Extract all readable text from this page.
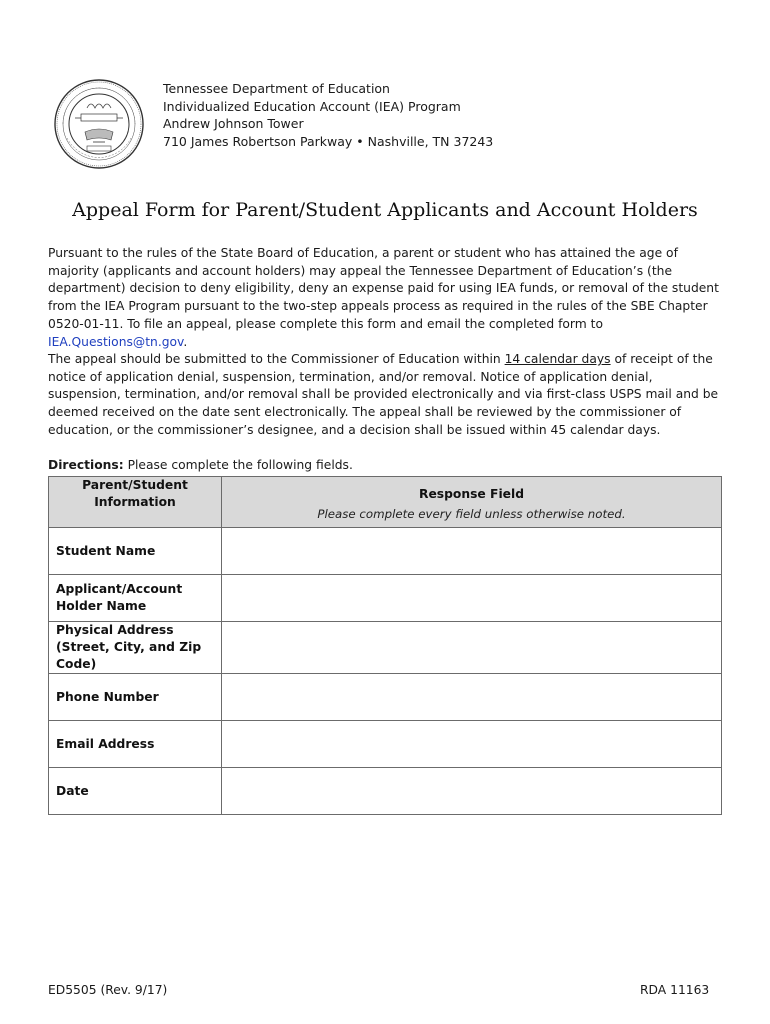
Tennessee Department of Education
Individualized Education Account (IEA) Program
Andrew Johnson Tower
710 James Robertson Parkway • Nashville, TN 37243
Appeal Form for Parent/Student Applicants and Account Holders
Pursuant to the rules of the State Board of Education, a parent or student who has attained the age of majority (applicants and account holders) may appeal the Tennessee Department of Education’s (the department) decision to deny eligibility, deny an expense paid for using IEA funds, or removal of the student from the IEA Program pursuant to the two-step appeals process as required in the rules of the SBE Chapter 0520-01-11. To file an appeal, please complete this form and email the completed form to IEA.Questions@tn.gov.
The appeal should be submitted to the Commissioner of Education within 14 calendar days of receipt of the notice of application denial, suspension, termination, and/or removal. Notice of application denial, suspension, termination, and/or removal shall be provided electronically and via first-class USPS mail and be deemed received on the date sent electronically. The appeal shall be reviewed by the commissioner of education, or the commissioner’s designee, and a decision shall be issued within 45 calendar days.
Directions: Please complete the following fields.
Parent/Student Information	Response Field
Please complete every field unless otherwise noted.

Student Name	
Applicant/Account Holder Name	
Physical Address (Street, City, and Zip Code)	
Phone Number	
Email Address	
Date	
ED5505 (Rev. 9/17)	RDA 11163
